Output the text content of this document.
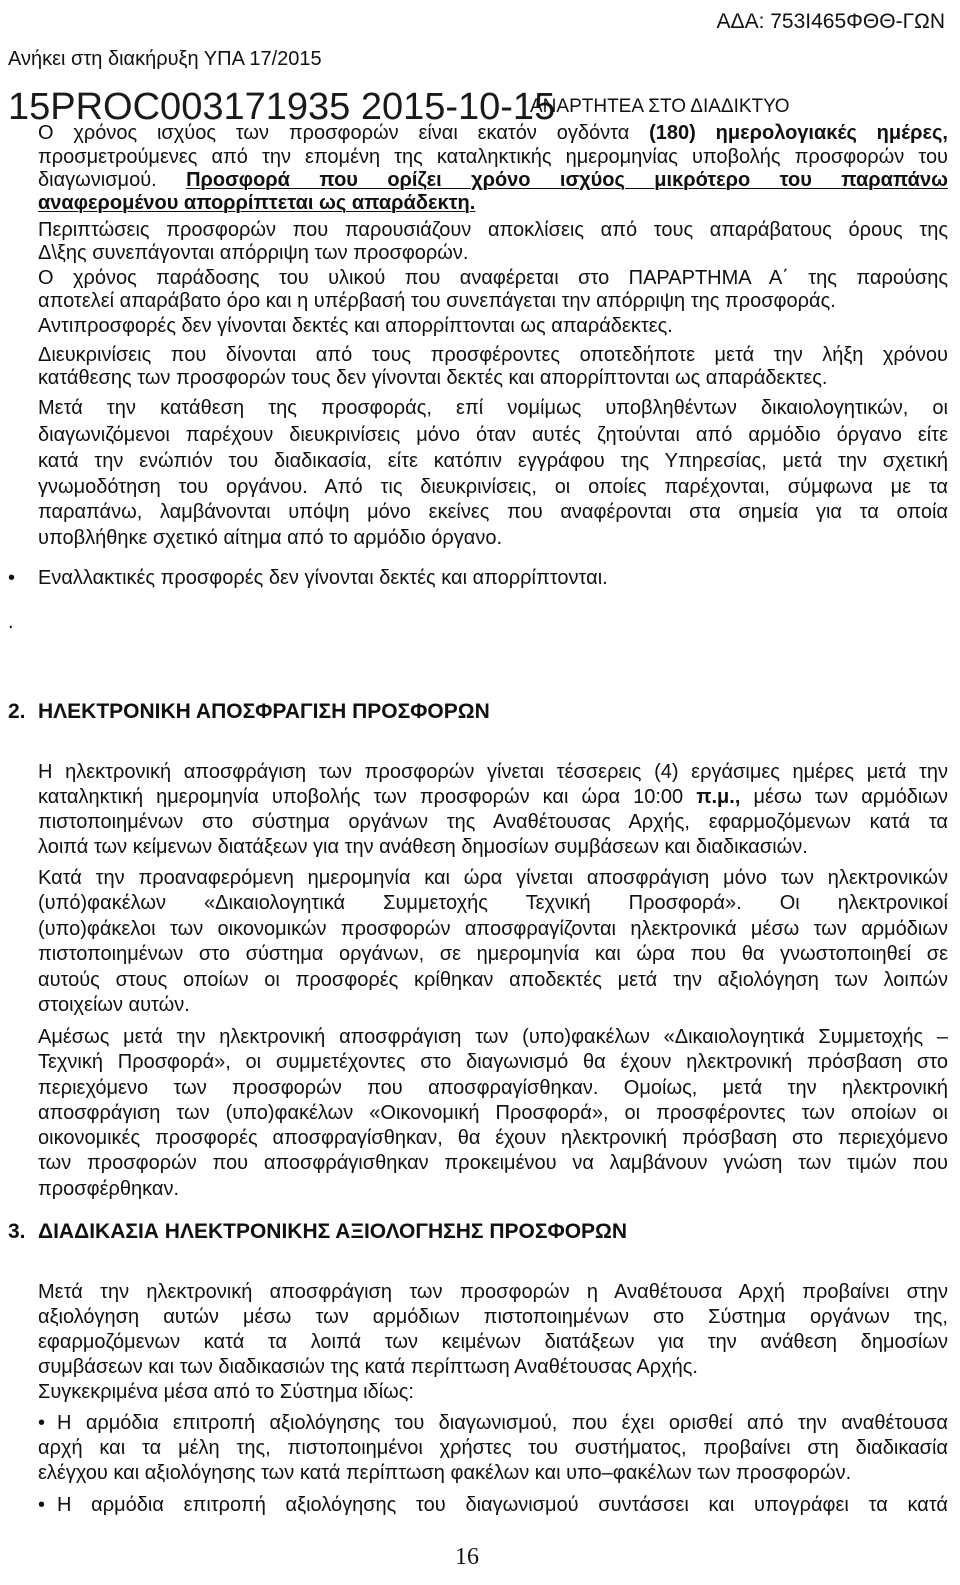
ΑΔΑ: 753Ι465ΦΘΘ-ΓΩΝ
Ανήκει στη διακήρυξη ΥΠΑ 17/2015
15PROC003171935 2015-10-15
ΑΝΑΡΤΗΤΕΑ ΣΤΟ ΔΙΑΔΙΚΤΥΟ
Ο χρόνος ισχύος των προσφορών είναι εκατόν ογδόντα (180) ημερολογιακές ημέρες,
προσμετρούμενες από την επομένη της καταληκτικής ημερομηνίας υποβολής προσφορών του
διαγωνισμού. Προσφορά που ορίζει χρόνο ισχύος μικρότερο του παραπάνω
αναφερομένου απορρίπτεται ως απαράδεκτη.
Περιπτώσεις προσφορών που παρουσιάζουν αποκλίσεις από τους απαράβατους όρους της
Δ\ξης συνεπάγονται απόρριψη των προσφορών.
Ο χρόνος παράδοσης του υλικού που αναφέρεται στο ΠΑΡΑΡΤΗΜΑ Α΄ της παρούσης
αποτελεί απαράβατο όρο και η υπέρβασή του συνεπάγεται την απόρριψη της προσφοράς.
Αντιπροσφορές δεν γίνονται δεκτές και απορρίπτονται ως απαράδεκτες.
Διευκρινίσεις που δίνονται από τους προσφέροντες οποτεδήποτε μετά την λήξη χρόνου
κατάθεσης των προσφορών τους δεν γίνονται δεκτές και απορρίπτονται ως απαράδεκτες.
Μετά την κατάθεση της προσφοράς, επί νομίμως υποβληθέντων δικαιολογητικών, οι
διαγωνιζόμενοι παρέχουν διευκρινίσεις μόνο όταν αυτές ζητούνται από αρμόδιο όργανο είτε
κατά την ενώπιόν του διαδικασία, είτε κατόπιν εγγράφου της Υπηρεσίας, μετά την σχετική
γνωμοδότηση του οργάνου. Από τις διευκρινίσεις, οι οποίες παρέχονται, σύμφωνα με τα
παραπάνω, λαμβάνονται υπόψη μόνο εκείνες που αναφέρονται στα σημεία για τα οποία
υποβλήθηκε σχετικό αίτημα από το αρμόδιο όργανο.
•	Εναλλακτικές προσφορές δεν γίνονται δεκτές και απορρίπτονται.
.
2. ΗΛΕΚΤΡΟΝΙΚΗ ΑΠΟΣΦΡΑΓΙΣΗ ΠΡΟΣΦΟΡΩΝ
Η ηλεκτρονική αποσφράγιση των προσφορών γίνεται τέσσερεις (4) εργάσιμες ημέρες μετά την
καταληκτική ημερομηνία υποβολής των προσφορών και ώρα 10:00 π.μ., μέσω των αρμόδιων
πιστοποιημένων στο σύστημα οργάνων της Αναθέτουσας Αρχής, εφαρμοζόμενων κατά τα
λοιπά των κείμενων διατάξεων για την ανάθεση δημοσίων συμβάσεων και διαδικασιών.
Κατά την προαναφερόμενη ημερομηνία και ώρα γίνεται αποσφράγιση μόνο των ηλεκτρονικών
(υπό)φακέλων «Δικαιολογητικά Συμμετοχής Τεχνική Προσφορά». Οι ηλεκτρονικοί
(υπο)φάκελοι των οικονομικών προσφορών αποσφραγίζονται ηλεκτρονικά μέσω των αρμόδιων
πιστοποιημένων στο σύστημα οργάνων, σε ημερομηνία και ώρα που θα γνωστοποιηθεί σε
αυτούς στους οποίων οι προσφορές κρίθηκαν αποδεκτές μετά την αξιολόγηση των λοιπών
στοιχείων αυτών.
Αμέσως μετά την ηλεκτρονική αποσφράγιση των (υπο)φακέλων «Δικαιολογητικά Συμμετοχής –
Τεχνική Προσφορά», οι συμμετέχοντες στο διαγωνισμό θα έχουν ηλεκτρονική πρόσβαση στο
περιεχόμενο των προσφορών που αποσφραγίσθηκαν. Ομοίως, μετά την ηλεκτρονική
αποσφράγιση των (υπο)φακέλων «Οικονομική Προσφορά», οι προσφέροντες των οποίων οι
οικονομικές προσφορές αποσφραγίσθηκαν, θα έχουν ηλεκτρονική πρόσβαση στο περιεχόμενο
των προσφορών που αποσφράγισθηκαν προκειμένου να λαμβάνουν γνώση των τιμών που
προσφέρθηκαν.
3. ΔΙΑΔΙΚΑΣΙΑ ΗΛΕΚΤΡΟΝΙΚΗΣ ΑΞΙΟΛΟΓΗΣΗΣ ΠΡΟΣΦΟΡΩΝ
Μετά την ηλεκτρονική αποσφράγιση των προσφορών η Αναθέτουσα Αρχή προβαίνει στην
αξιολόγηση αυτών μέσω των αρμόδιων πιστοποιημένων στο Σύστημα οργάνων της,
εφαρμοζόμενων κατά τα λοιπά των κειμένων διατάξεων για την ανάθεση δημοσίων
συμβάσεων και των διαδικασιών της κατά περίπτωση Αναθέτουσας Αρχής.
Συγκεκριμένα μέσα από το Σύστημα ιδίως:
• Η αρμόδια επιτροπή αξιολόγησης του διαγωνισμού, που έχει ορισθεί από την αναθέτουσα
αρχή και τα μέλη της, πιστοποιημένοι χρήστες του συστήματος, προβαίνει στη διαδικασία
ελέγχου και αξιολόγησης των κατά περίπτωση φακέλων και υπο–φακέλων των προσφορών.
• Η αρμόδια επιτροπή αξιολόγησης του διαγωνισμού συντάσσει και υπογράφει τα κατά
16
